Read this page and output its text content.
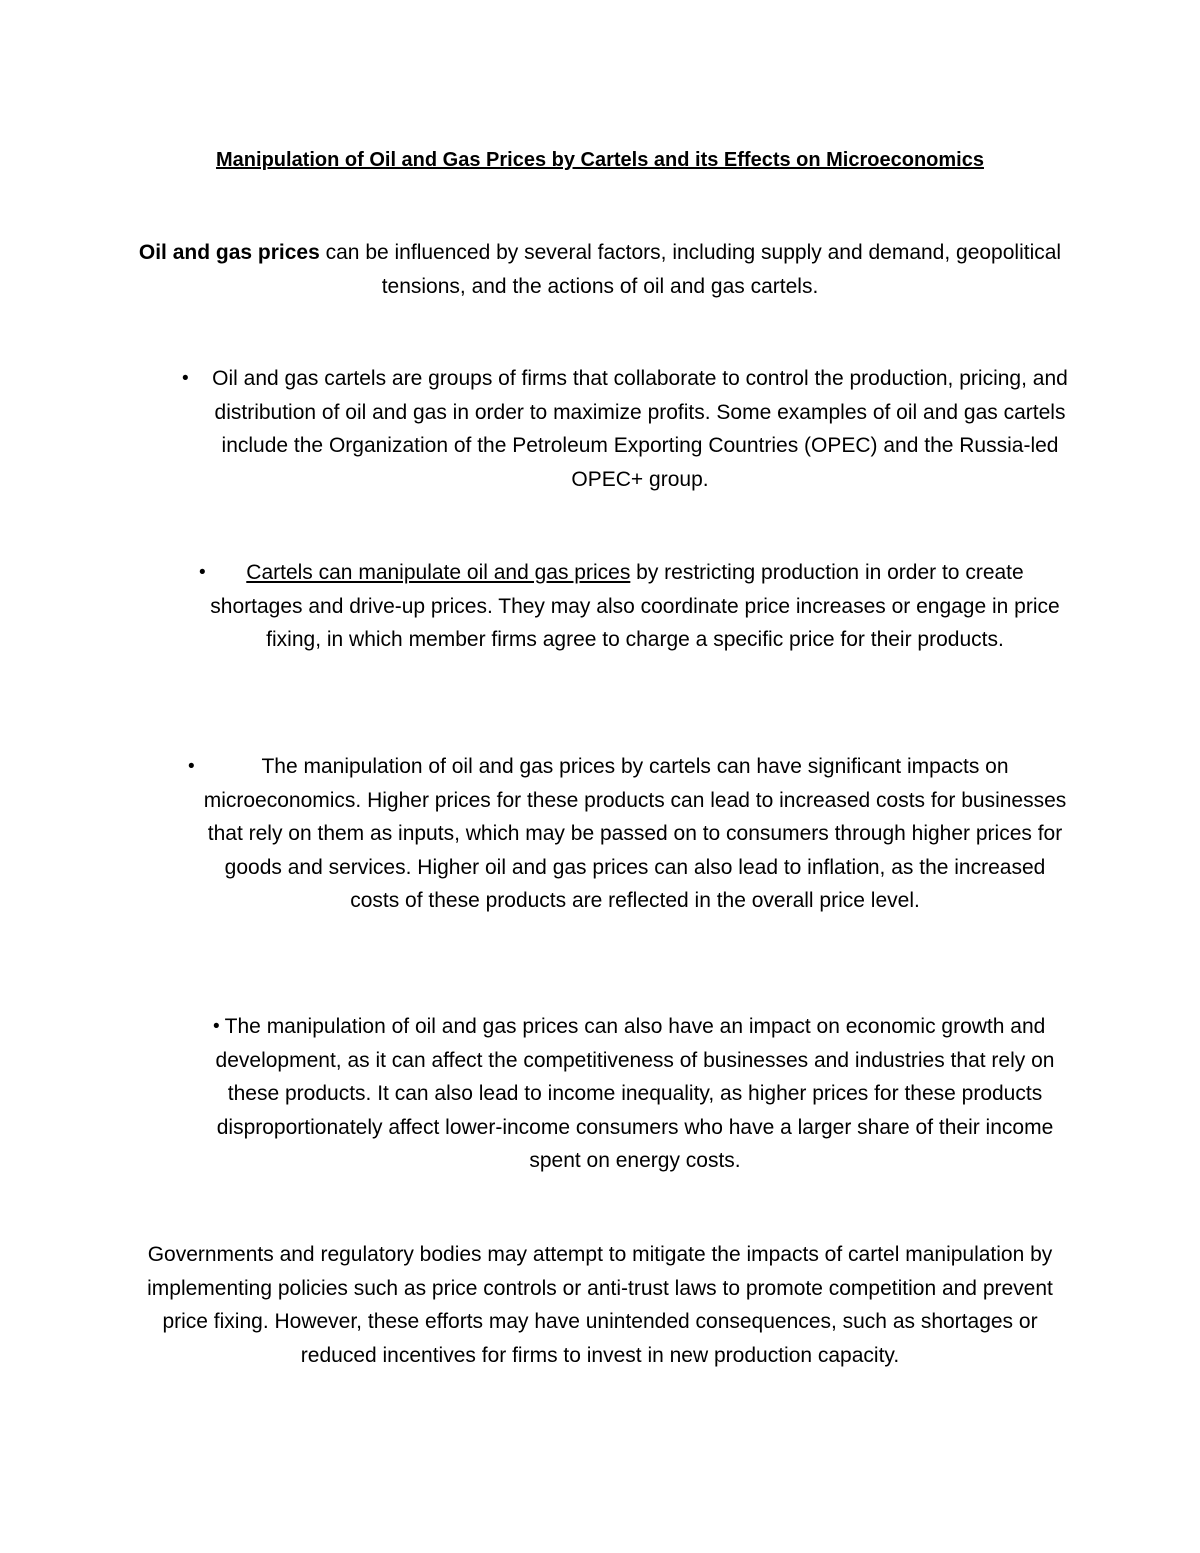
Manipulation of Oil and Gas Prices by Cartels and its Effects on Microeconomics
Oil and gas prices can be influenced by several factors, including supply and demand, geopolitical tensions, and the actions of oil and gas cartels.
• Oil and gas cartels are groups of firms that collaborate to control the production, pricing, and distribution of oil and gas in order to maximize profits. Some examples of oil and gas cartels include the Organization of the Petroleum Exporting Countries (OPEC) and the Russia-led OPEC+ group.
•	Cartels can manipulate oil and gas prices by restricting production in order to create shortages and drive-up prices. They may also coordinate price increases or engage in price fixing, in which member firms agree to charge a specific price for their products.
•	The manipulation of oil and gas prices by cartels can have significant impacts on microeconomics. Higher prices for these products can lead to increased costs for businesses that rely on them as inputs, which may be passed on to consumers through higher prices for goods and services. Higher oil and gas prices can also lead to inflation, as the increased costs of these products are reflected in the overall price level.
• The manipulation of oil and gas prices can also have an impact on economic growth and development, as it can affect the competitiveness of businesses and industries that rely on these products. It can also lead to income inequality, as higher prices for these products disproportionately affect lower-income consumers who have a larger share of their income spent on energy costs.
Governments and regulatory bodies may attempt to mitigate the impacts of cartel manipulation by implementing policies such as price controls or anti-trust laws to promote competition and prevent price fixing. However, these efforts may have unintended consequences, such as shortages or reduced incentives for firms to invest in new production capacity.
